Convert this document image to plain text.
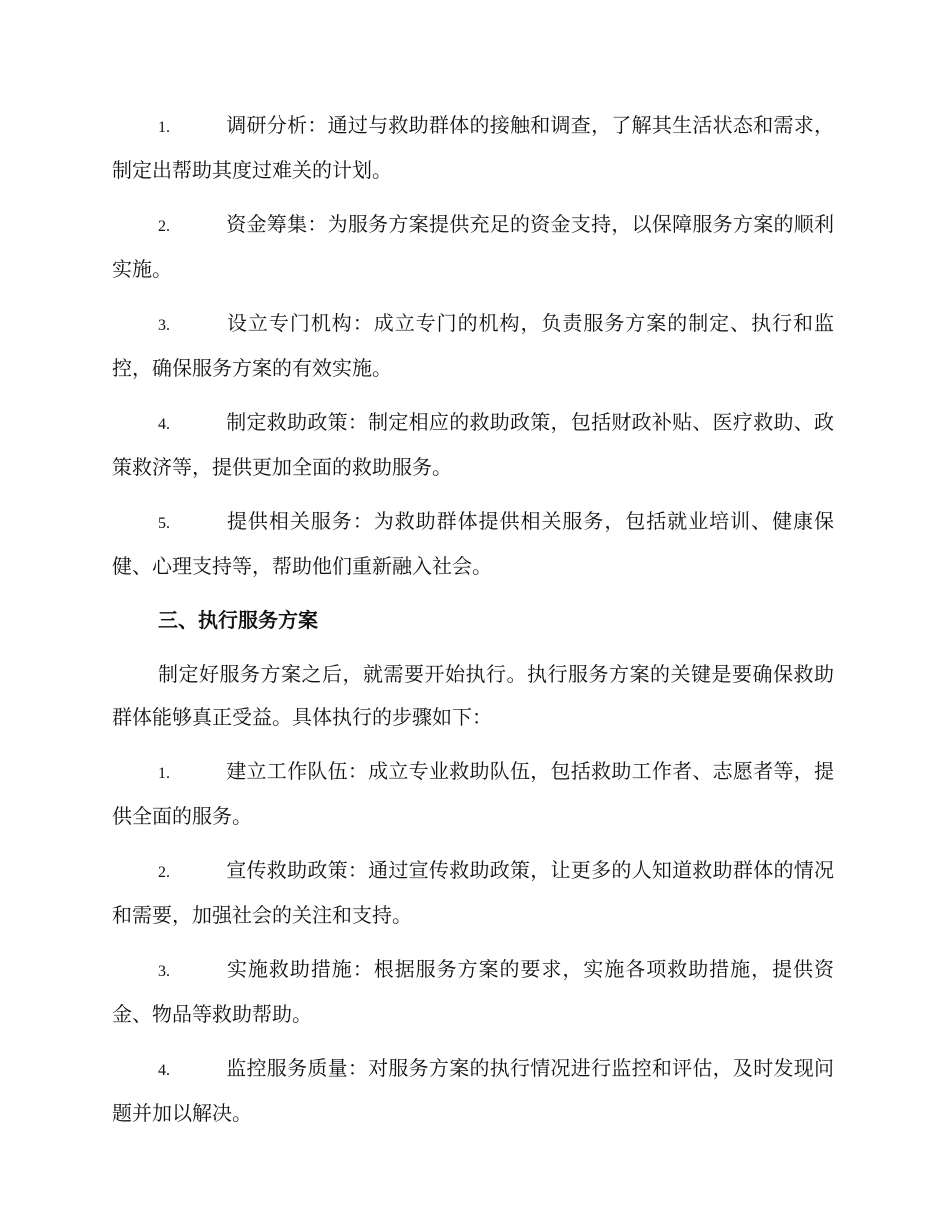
1.	调研分析：通过与救助群体的接触和调查，了解其生活状态和需求，制定出帮助其度过难关的计划。

2.	资金筹集：为服务方案提供充足的资金支持，以保障服务方案的顺利实施。

3.	设立专门机构：成立专门的机构，负责服务方案的制定、执行和监控，确保服务方案的有效实施。

4.	制定救助政策：制定相应的救助政策，包括财政补贴、医疗救助、政策救济等，提供更加全面的救助服务。

5.	提供相关服务：为救助群体提供相关服务，包括就业培训、健康保健、心理支持等，帮助他们重新融入社会。

三、执行服务方案

制定好服务方案之后，就需要开始执行。执行服务方案的关键是要确保救助群体能够真正受益。具体执行的步骤如下：

1.	建立工作队伍：成立专业救助队伍，包括救助工作者、志愿者等，提供全面的服务。

2.	宣传救助政策：通过宣传救助政策，让更多的人知道救助群体的情况和需要，加强社会的关注和支持。

3.	实施救助措施：根据服务方案的要求，实施各项救助措施，提供资金、物品等救助帮助。

4.	监控服务质量：对服务方案的执行情况进行监控和评估，及时发现问题并加以解决。
